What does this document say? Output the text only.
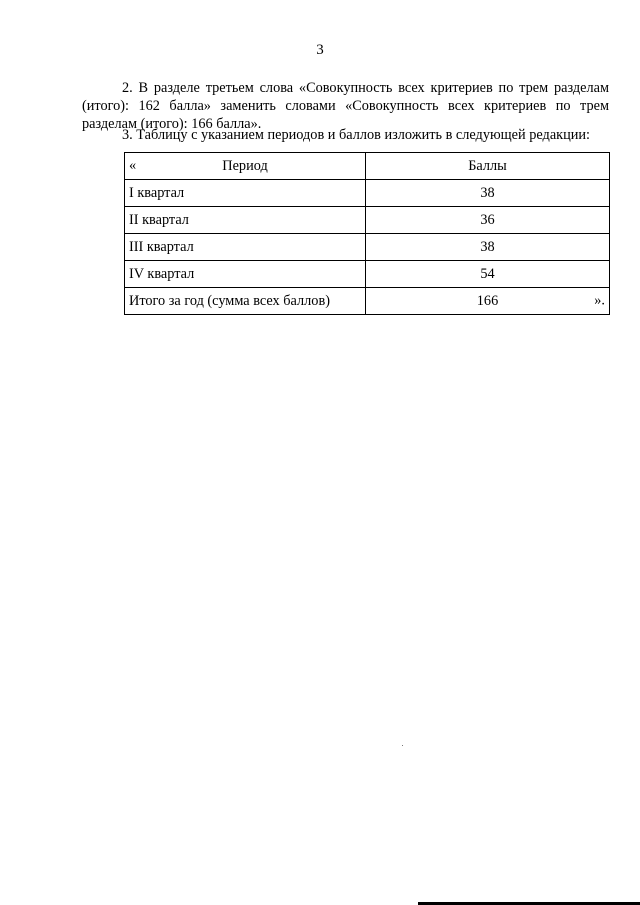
3
2. В разделе третьем слова «Совокупность всех критериев по трем разделам (итого): 162 балла» заменить словами «Совокупность всех критериев по трем разделам (итого): 166 балла».
3. Таблицу с указанием периодов и баллов изложить в следующей редакции:
« Период	Баллы
I квартал	38
II квартал	36
III квартал	38
IV квартал	54
Итого за год (сумма всех баллов)	166 ».
